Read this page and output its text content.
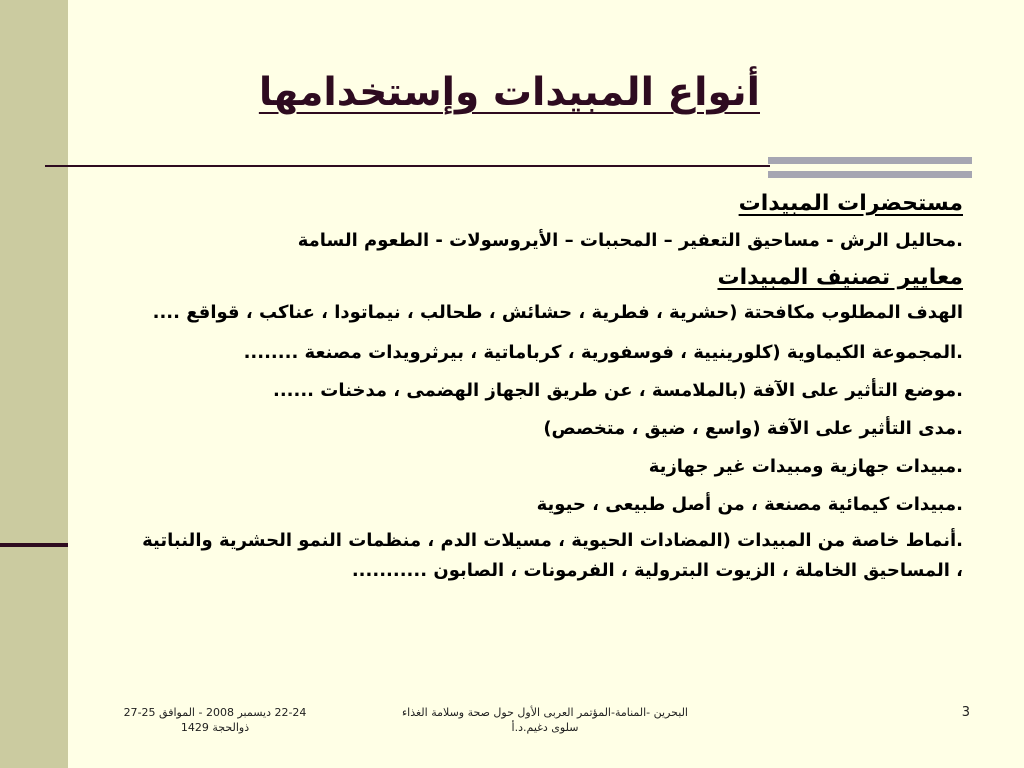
أنواع المبيدات وإستخدامها
مستحضرات المبيدات
.محاليل الرش - مساحيق التعفير – المحببات – الأيروسولات - الطعوم السامة
معايير تصنيف المبيدات
الهدف المطلوب مكافحتة (حشرية ، فطرية ، حشائش ، طحالب ، نيماتودا ، عناكب ، قواقع ....
.المجموعة الكيماوية (كلورينيية ، فوسفورية ، كرباماتية ، بيرثرويدات مصنعة ........
.موضع التأثير على الآفة (بالملامسة ، عن طريق الجهاز الهضمى ، مدخنات ......
.مدى التأثير على الآفة (واسع ، ضيق ، متخصص)
.مبيدات جهازية ومبيدات غير جهازية
.مبيدات كيمائية مصنعة ، من أصل طبيعى ، حيوية
.أنماط خاصة من المبيدات (المضادات الحيوية ، مسيلات الدم ، منظمات النمو الحشرية والنباتية ، المساحيق الخاملة ، الزيوت البترولية ، الفرمونات ، الصابون ...........
22-24 ديسمبر 2008 - الموافق 25-27 ذوالحجة 1429
البحرين -المنامة-المؤتمر العربى الأول حول صحة وسلامة الغذاء سلوى دغيم.د.أ
3
